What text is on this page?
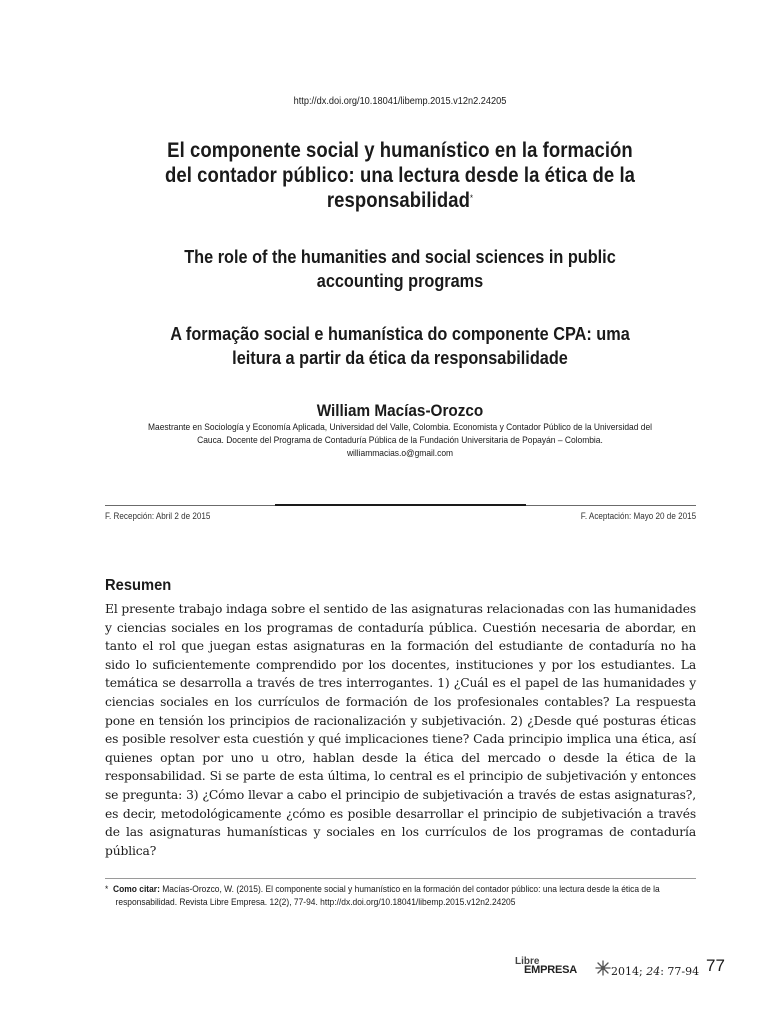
http://dx.doi.org/10.18041/libemp.2015.v12n2.24205
El componente social y humanístico en la formación
del contador público: una lectura desde la ética de la
responsabilidad*
The role of the humanities and social sciences in public
accounting programs
A formação social e humanística do componente CPA: uma
leitura a partir da ética da responsabilidade
William Macías-Orozco
Maestrante en Sociología y Economía Aplicada, Universidad del Valle, Colombia. Economista y Contador Público de la Universidad del
Cauca. Docente del Programa de Contaduría Pública de la Fundación Universitaria de Popayán – Colombia.
williammacias.o@gmail.com
F. Recepción: Abril 2 de 2015	F. Aceptación: Mayo 20 de 2015
Resumen

El presente trabajo indaga sobre el sentido de las asignaturas relacionadas con las humanidades y ciencias sociales en los programas de contaduría pública. Cuestión necesaria de abordar, en tanto el rol que juegan estas asignaturas en la formación del estudiante de contaduría no ha sido lo suficientemente comprendido por los docentes, instituciones y por los estudiantes. La temática se desarrolla a través de tres interrogantes. 1) ¿Cuál es el papel de las humanidades y ciencias sociales en los currículos de formación de los profesionales contables? La respuesta pone en tensión los principios de racionalización y subjetivación. 2) ¿Desde qué posturas éticas es posible resolver esta cuestión y qué implicaciones tiene? Cada principio implica una ética, así quienes optan por uno u otro, hablan desde la ética del mercado o desde la ética de la responsabilidad. Si se parte de esta última, lo central es el principio de subjetivación y entonces se pregunta: 3) ¿Cómo llevar a cabo el principio de subjetivación a través de estas asignaturas?, es decir, metodológicamente ¿cómo es posible desarrollar el principio de subjetivación a través de las asignaturas humanísticas y sociales en los currículos de los programas de contaduría pública?

* Como citar: Macías-Orozco, W. (2015). El componente social y humanístico en la formación del contador público: una lectura desde la ética de la responsabilidad. Revista Libre Empresa. 12(2), 77-94. http://dx.doi.org/10.18041/libemp.2015.v12n2.24205

Libre
EMPRESA	2014; 24: 77-94 77
